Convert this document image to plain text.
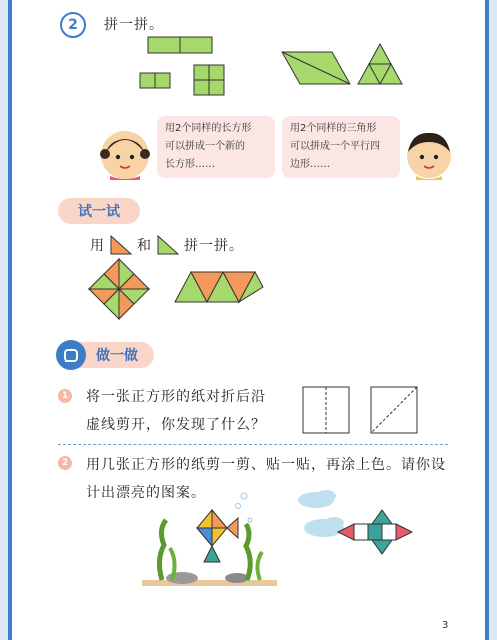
2 拼一拼。
用2个同样的长方形
可以拼成一个新的
长方形……
用2个同样的三角形
可以拼成一个平行四
边形……
试一试
用 和 拼一拼。
做一做
1 将一张正方形的纸对折后沿
虚线剪开，你发现了什么？
2 用几张正方形的纸剪一剪、贴一贴，再涂上色。请你设
计出漂亮的图案。
3
